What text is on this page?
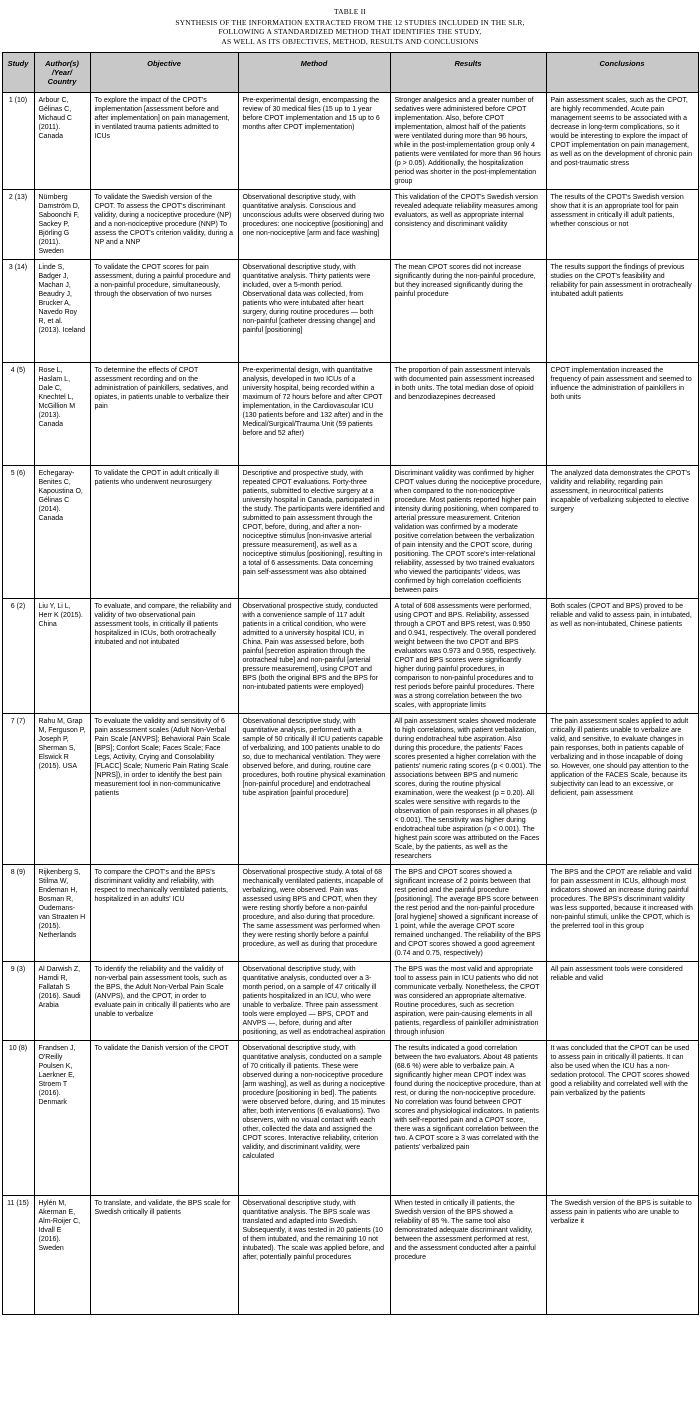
TABLE II
SYNTHESIS OF THE INFORMATION EXTRACTED FROM THE 12 STUDIES INCLUDED IN THE SLR,
FOLLOWING A STANDARDIZED METHOD THAT IDENTIFIES THE STUDY,
AS WELL AS ITS OBJECTIVES, METHOD, RESULTS AND CONCLUSIONS
Study	Author(s) /Year/ Country	Objective	Method	Results	Conclusions
1 (10)	Arbour C, Gélinas C, Michaud C (2011). Canada	To explore the impact of the CPOT's implementation [assessment before and after implementation] on pain management, in ventilated trauma patients admitted to ICUs	Pre-experimental design, encompassing the review of 30 medical files (15 up to 1 year before CPOT implementation and 15 up to 6 months after CPOT implementation)	Stronger analgesics and a greater number of sedatives were administered before CPOT implementation. Also, before CPOT implementation, almost half of the patients were ventilated during more than 96 hours, while in the post-implementation group only 4 patients were ventilated for more than 96 hours (p > 0.05). Additionally, the hospitalization period was shorter in the post-implementation group	Pain assessment scales, such as the CPOT, are highly recommended. Acute pain management seems to be associated with a decrease in long-term complications, so it would be interesting to explore the impact of CPOT implementation on pain management, as well as on the development of chronic pain and post-traumatic stress
2 (13)	Nürnberg Damström D, Saboonchi F, Sackey P, Björling G (2011). Sweden	To validate the Swedish version of the CPOT. To assess the CPOT's discriminant validity, during a nociceptive procedure (NP) and a non-nociceptive procedure (NNP) To assess the CPOT's criterion validity, during a NP and a NNP	Observational descriptive study, with quantitative analysis. Conscious and unconscious adults were observed during two procedures: one nociceptive [positioning] and one non-nociceptive [arm and face washing]	This validation of the CPOT's Swedish version revealed adequate reliability measures among evaluators, as well as appropriate internal consistency and discriminant validity	The results of the CPOT's Swedish version show that it is an appropriate tool for pain assessment in critically ill adult patients, whether conscious or not
3 (14)	Linde S, Badger J, Machan J, Beaudry J, Brucker A, Navedo Roy R, et al. (2013). Iceland	To validate the CPOT scores for pain assessment, during a painful procedure and a non-painful procedure, simultaneously, through the observation of two nurses	Observational descriptive study, with quantitative analysis. Thirty patients were included, over a 5-month period. Observational data was collected, from patients who were intubated after heart surgery, during routine procedures — both non-painful [catheter dressing change] and painful [positioning]	The mean CPOT scores did not increase significantly during the non-painful procedure, but they increased significantly during the painful procedure	The results support the findings of previous studies on the CPOT's feasibility and reliability for pain assessment in orotracheally intubated adult patients
4 (5)	Rose L, Haslam L, Dale C, Knechtel L, McGillion M (2013). Canada	To determine the effects of CPOT assessment recording and on the administration of painkillers, sedatives, and opiates, in patients unable to verbalize their pain	Pre-experimental design, with quantitative analysis, developed in two ICUs of a university hospital, being recorded within a maximum of 72 hours before and after CPOT implementation, in the Cardiovascular ICU (130 patients before and 132 after) and in the Medical/Surgical/Trauma Unit (59 patients before and 52 after)	The proportion of pain assessment intervals with documented pain assessment increased in both units. The total median dose of opioid and benzodiazepines decreased	CPOT implementation increased the frequency of pain assessment and seemed to influence the administration of painkillers in both units
5 (6)	Echegaray-Benites C, Kapoustina O, Gélinas C (2014). Canada	To validate the CPOT in adult critically ill patients who underwent neurosurgery	Descriptive and prospective study, with repeated CPOT evaluations. Forty-three patients, submitted to elective surgery at a university hospital in Canada, participated in the study. The participants were identified and submitted to pain assessment through the CPOT, before, during, and after a non-nociceptive stimulus [non-invasive arterial pressure measurement], as well as a nociceptive stimulus [positioning], resulting in a total of 6 assessments. Data concerning pain self-assessment was also obtained	Discriminant validity was confirmed by higher CPOT values during the nociceptive procedure, when compared to the non-nociceptive procedure. Most patients reported higher pain intensity during positioning, when compared to arterial pressure measurement. Criterion validation was confirmed by a moderate positive correlation between the verbalization of pain intensity and the CPOT score, during positioning. The CPOT score's inter-relational reliability, assessed by two trained evaluators who viewed the participants' videos, was confirmed by high correlation coefficients between pairs	The analyzed data demonstrates the CPOT's validity and reliability, regarding pain assessment, in neurocritical patients incapable of verbalizing subjected to elective surgery
6 (2)	Liu Y, Li L, Herr K (2015). China	To evaluate, and compare, the reliability and validity of two observational pain assessment tools, in critically ill patients hospitalized in ICUs, both orotracheally intubated and not intubated	Observational prospective study, conducted with a convenience sample of 117 adult patients in a critical condition, who were admitted to a university hospital ICU, in China. Pain was assessed before, both painful [secretion aspiration through the orotracheal tube] and non-painful [arterial pressure measurement], using CPOT and BPS (both the original BPS and the BPS for non-intubated patients were employed)	A total of 608 assessments were performed, using CPOT and BPS. Reliability, assessed through a CPOT and BPS retest, was 0.950 and 0.941, respectively. The overall pondered weight between the two CPOT and BPS evaluators was 0.973 and 0.955, respectively. CPOT and BPS scores were significantly higher during painful procedures, in comparison to non-painful procedures and to rest periods before painful procedures. There was a strong correlation between the two scales, with appropriate limits	Both scales (CPOT and BPS) proved to be reliable and valid to assess pain, in intubated, as well as non-intubated, Chinese patients
7 (7)	Rahu M, Grap M, Ferguson P, Joseph P, Sherman S, Elswick R (2015). USA	To evaluate the validity and sensitivity of 6 pain assessment scales (Adult Non-Verbal Pain Scale [ANVPS]; Behavioral Pain Scale [BPS]; Confort Scale; Faces Scale; Face Legs, Activity, Crying and Consolability [FLACC] Scale; Numeric Pain Rating Scale [NPRS]), in order to identify the best pain measurement tool in non-communicative patients	Observational descriptive study, with quantitative analysis, performed with a sample of 50 critically ill ICU patients capable of verbalizing, and 100 patients unable to do so, due to mechanical ventilation. They were observed before, and during, routine care procedures, both routine physical examination [non-painful procedure] and endotracheal tube aspiration [painful procedure]	All pain assessment scales showed moderate to high correlations, with patient verbalization, during endotracheal tube aspiration. Also during this procedure, the patients' Faces scores presented a higher correlation with the patients' numeric rating scores (p < 0.001). The associations between BPS and numeric scores, during the routine physical examination, were the weakest (p = 0.20). All scales were sensitive with regards to the observation of pain responses in all phases (p < 0.001). The sensitivity was higher during endotracheal tube aspiration (p < 0.001). The highest pain score was attributed on the Faces Scale, by the patients, as well as the researchers	The pain assessment scales applied to adult critically ill patients unable to verbalize are valid, and sensitive, to evaluate changes in pain responses, both in patients capable of verbalizing and in those incapable of doing so. However, one should pay attention to the application of the FACES Scale, because its subjectivity can lead to an excessive, or deficient, pain assessment
8 (9)	Rijkenberg S, Stilma W, Endeman H, Bosman R, Oudemans-van Straaten H (2015). Netherlands	To compare the CPOT's and the BPS's discriminant validity and reliability, with respect to mechanically ventilated patients, hospitalized in an adults' ICU	Observational prospective study. A total of 68 mechanically ventilated patients, incapable of verbalizing, were observed. Pain was assessed using BPS and CPOT, when they were resting shortly before a non-painful procedure, and also during that procedure. The same assessment was performed when they were resting shortly before a painful procedure, as well as during that procedure	The BPS and CPOT scores showed a significant increase of 2 points between that rest period and the painful procedure [positioning]. The average BPS score between the rest period and the non-painful procedure [oral hygiene] showed a significant increase of 1 point, while the average CPOT score remained unchanged. The reliability of the BPS and CPOT scores showed a good agreement (0.74 and 0.75, respectively)	The BPS and the CPOT are reliable and valid for pain assessment in ICUs, although most indicators showed an increase during painful procedures. The BPS's discriminant validity was less supported, because it increased with non-painful stimuli, unlike the CPOT, which is the preferred tool in this group
9 (3)	Al Darwish Z, Hamdi R, Fallatah S (2016). Saudi Arabia	To identify the reliability and the validity of non-verbal pain assessment tools, such as the BPS, the Adult Non-Verbal Pain Scale (ANVPS), and the CPOT, in order to evaluate pain in critically ill patients who are unable to verbalize	Observational descriptive study, with quantitative analysis, conducted over a 3-month period, on a sample of 47 critically ill patients hospitalized in an ICU, who were unable to verbalize. Three pain assessment tools were employed — BPS, CPOT and ANVPS —, before, during and after positioning, as well as endotracheal aspiration	The BPS was the most valid and appropriate tool to assess pain in ICU patients who did not communicate verbally. Nonetheless, the CPOT was considered an appropriate alternative. Routine procedures, such as secretion aspiration, were pain-causing elements in all patients, regardless of painkiller administration through infusion	All pain assessment tools were considered reliable and valid
10 (8)	Frandsen J, O'Reilly Poulsen K, Laerkner E, Stroem T (2016). Denmark	To validate the Danish version of the CPOT	Observational descriptive study, with quantitative analysis, conducted on a sample of 70 critically ill patients. These were observed during a non-nociceptive procedure [arm washing], as well as during a nociceptive procedure [positioning in bed]. The patients were observed before, during, and 15 minutes after, both interventions (6 evaluations). Two observers, with no visual contact with each other, collected the data and assigned the CPOT scores. Interactive reliability, criterion validity, and discriminant validity, were calculated	The results indicated a good correlation between the two evaluators. About 48 patients (68.6 %) were able to verbalize pain. A significantly higher mean CPOT index was found during the nociceptive procedure, than at rest, or during the non-nociceptive procedure. No correlation was found between CPOT scores and physiological indicators. In patients with self-reported pain and a CPOT score, there was a significant correlation between the two. A CPOT score ≥ 3 was correlated with the patients' verbalized pain	It was concluded that the CPOT can be used to assess pain in critically ill patients. It can also be used when the ICU has a non-sedation protocol. The CPOT scores showed good a reliability and correlated well with the pain verbalized by the patients
11 (15)	Hylén M, Akerman E, Alm-Roijer C, Idvall E (2016). Sweden	To translate, and validate, the BPS scale for Swedish critically ill patients	Observational descriptive study, with quantitative analysis. The BPS scale was translated and adapted into Swedish. Subsequently, it was tested in 20 patients (10 of them intubated, and the remaining 10 not intubated). The scale was applied before, and after, potentially painful procedures	When tested in critically ill patients, the Swedish version of the BPS showed a reliability of 85 %. The same tool also demonstrated adequate discriminant validity, between the assessment performed at rest, and the assessment conducted after a painful procedure	The Swedish version of the BPS is suitable to assess pain in patients who are unable to verbalize it
